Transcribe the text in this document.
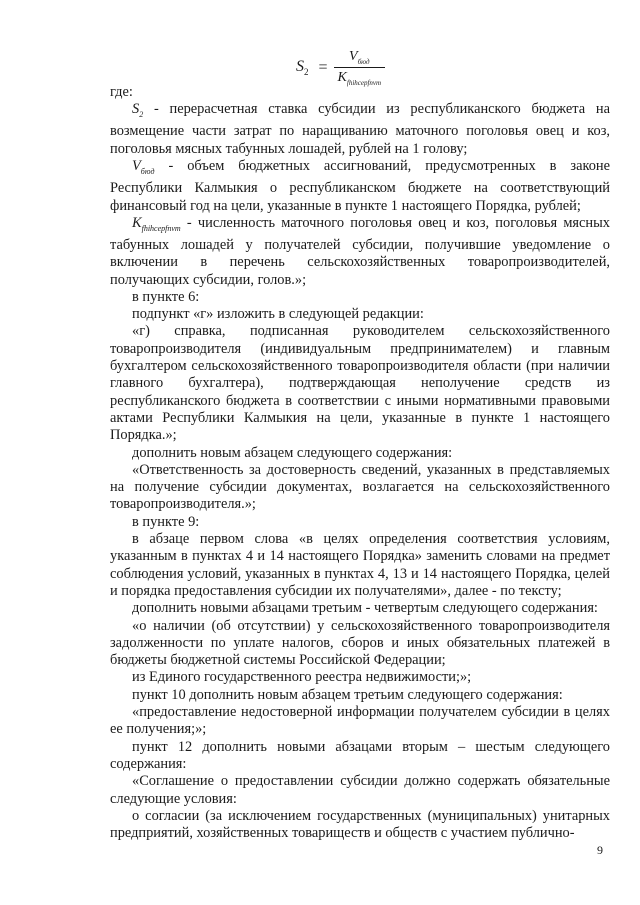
$S_2 = \frac{V_{бюд}}{K_{fhihcepfnvm}}$

где:

$S_2$ - перерасчетная ставка субсидии из республиканского бюджета на возмещение части затрат по наращиванию маточного поголовья овец и коз, поголовья мясных табунных лошадей, рублей на 1 голову;

$V_{бюд}$ - объем бюджетных ассигнований, предусмотренных в законе Республики Калмыкия о республиканском бюджете на соответствующий финансовый год на цели, указанные в пункте 1 настоящего Порядка, рублей;

$K_{fhihcepfnvm}$ - численность маточного поголовья овец и коз, поголовья мясных табунных лошадей у получателей субсидии, получившие уведомление о включении в перечень сельскохозяйственных товаропроизводителей, получающих субсидии, голов.»;

в пункте 6:

подпункт «г» изложить в следующей редакции:

«г) справка, подписанная руководителем сельскохозяйственного товаропроизводителя (индивидуальным предпринимателем) и главным бухгалтером сельскохозяйственного товаропроизводителя области (при наличии главного бухгалтера), подтверждающая неполучение средств из республиканского бюджета в соответствии с иными нормативными правовыми актами Республики Калмыкия на цели, указанные в пункте 1 настоящего Порядка.»;

дополнить новым абзацем следующего содержания:

«Ответственность за достоверность сведений, указанных в представляемых на получение субсидии документах, возлагается на сельскохозяйственного товаропроизводителя.»;

в пункте 9:

в абзаце первом слова «в целях определения соответствия условиям, указанным в пунктах 4 и 14 настоящего Порядка» заменить словами на предмет соблюдения условий, указанных в пунктах 4, 13 и 14 настоящего Порядка, целей и порядка предоставления субсидии их получателями», далее - по тексту;

дополнить новыми абзацами третьим - четвертым следующего содержания:

«о наличии (об отсутствии) у сельскохозяйственного товаропроизводителя задолженности по уплате налогов, сборов и иных обязательных платежей в бюджеты бюджетной системы Российской Федерации;

из Единого государственного реестра недвижимости;»;

пункт 10 дополнить новым абзацем третьим следующего содержания:

«предоставление недостоверной информации получателем субсидии в целях ее получения;»;

пункт 12 дополнить новыми абзацами вторым – шестым следующего содержания:

«Соглашение о предоставлении субсидии должно содержать обязательные следующие условия:

о согласии (за исключением государственных (муниципальных) унитарных предприятий, хозяйственных товариществ и обществ с участием публично-

9
